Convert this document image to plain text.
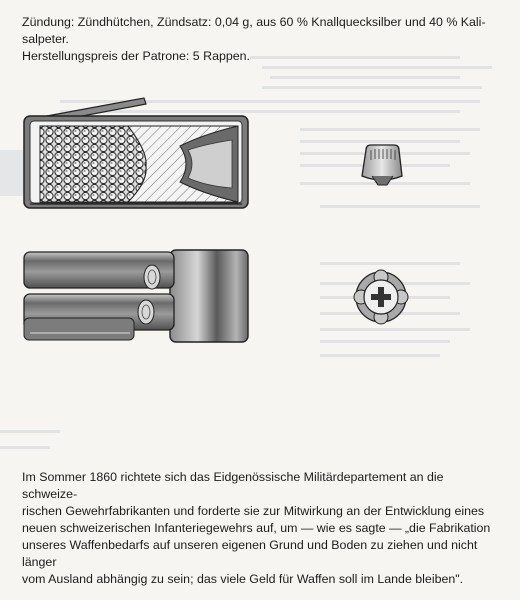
Zündung: Zündhütchen, Zündsatz: 0,04 g, aus 60 % Knallquecksilber und 40 % Kali-

salpeter.

Herstellungspreis der Patrone: 5 Rappen.

Im Sommer 1860 richtete sich das Eidgenössische Militärdepartement an die schweize-

rischen Gewehrfabrikanten und forderte sie zur Mitwirkung an der Entwicklung eines

neuen schweizerischen Infanteriegewehrs auf, um — wie es sagte — „die Fabrikation

unseres Waffenbedarfs auf unseren eigenen Grund und Boden zu ziehen und nicht länger

vom Ausland abhängig zu sein; das viele Geld für Waffen soll im Lande bleiben".
